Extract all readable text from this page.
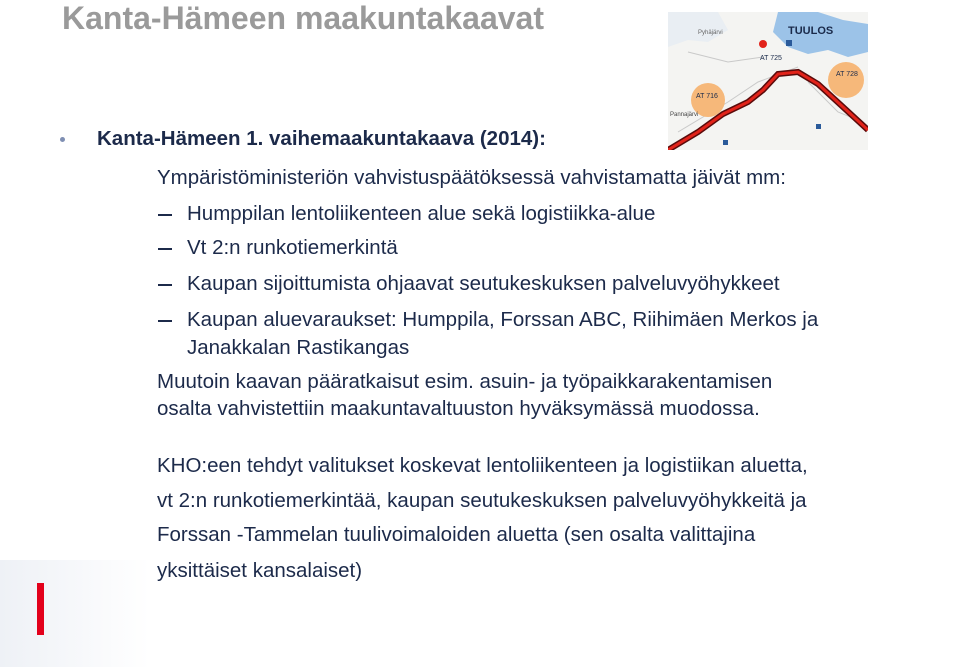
Kanta-Hämeen maakuntakaavat	TUULOS
AT 728
AT 716
AT 725
Pannajärvi
Pyhäjärvi
Kanta-Hämeen 1. vaihemaakuntakaava (2014):
Ympäristöministeriön vahvistuspäätöksessä vahvistamatta jäivät mm:
Humppilan lentoliikenteen alue sekä logistiikka-alue
Vt 2:n runkotiemerkintä
Kaupan sijoittumista ohjaavat seutukeskuksen palveluvyöhykkeet
Kaupan aluevaraukset: Humppila, Forssan ABC, Riihimäen Merkos ja
Janakkalan Rastikangas
Muutoin kaavan pääratkaisut esim. asuin- ja työpaikkarakentamisen
osalta vahvistettiin maakuntavaltuuston hyväksymässä muodossa.
KHO:een tehdyt valitukset koskevat lentoliikenteen ja logistiikan aluetta,
vt 2:n runkotiemerkintää, kaupan seutukeskuksen palveluvyöhykkeitä ja
Forssan -Tammelan tuulivoimaloiden aluetta (sen osalta valittajina
yksittäiset kansalaiset)
